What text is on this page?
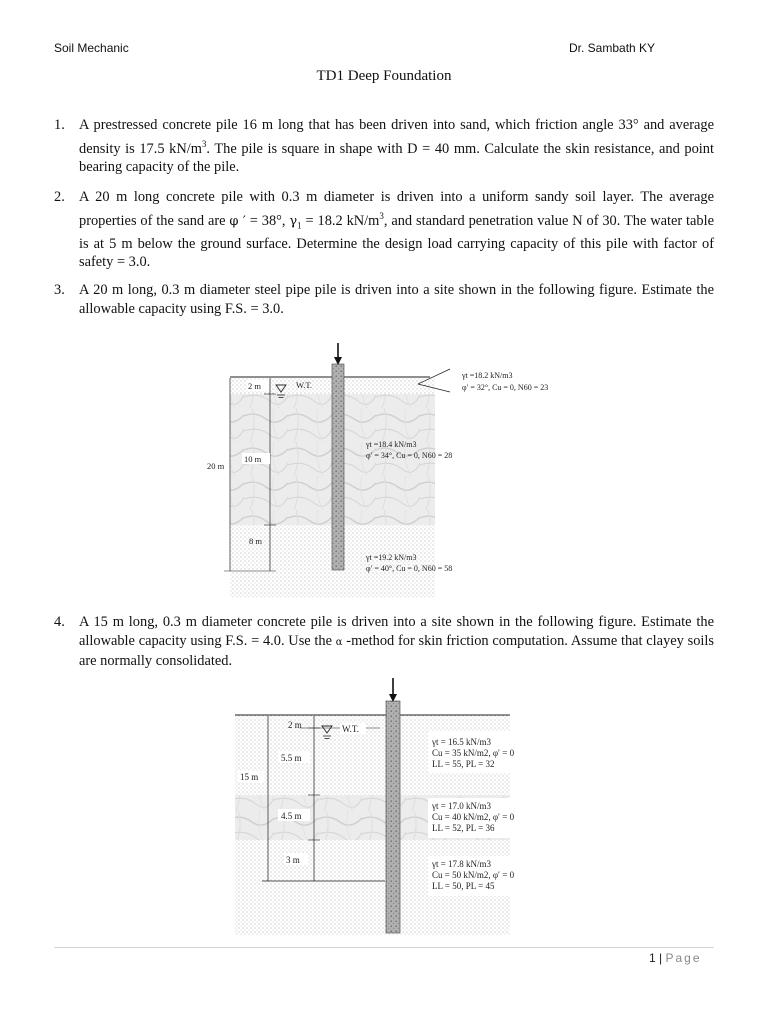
Soil Mechanic	Dr. Sambath KY
TD1 Deep Foundation
1. A prestressed concrete pile 16 m long that has been driven into sand, which friction angle 33° and average density is 17.5 $kN/m^3$. The pile is square in shape with D = 40 mm. Calculate the skin resistance, and point bearing capacity of the pile.
2. A 20 m long concrete pile with 0.3 m diameter is driven into a uniform sandy soil layer. The average properties of the sand are φ ′ = 38°, $\gamma_1 = 18.2$ $kN/m^3$, and standard penetration value N of 30. The water table is at 5 m below the ground surface. Determine the design load carrying capacity of this pile with factor of safety = 3.0.
3. A 20 m long, 0.3 m diameter steel pipe pile is driven into a site shown in the following figure. Estimate the allowable capacity using F.S. = 3.0.
W.T.
2 m
10 m
8 m
20 m
γt =18.2 kN/m3
φ′ = 32°, Cu = 0, N60 = 23
γt =18.4 kN/m3
φ′ = 34°, Cu = 0, N60 = 28
γt =19.2 kN/m3
φ′ = 40°, Cu = 0, N60 = 58
4. A 15 m long, 0.3 m diameter concrete pile is driven into a site shown in the following figure. Estimate the allowable capacity using F.S. = 4.0. Use the α -method for skin friction computation. Assume that clayey soils are normally consolidated.
W.T.
2 m
5.5 m
4.5 m
3 m
15 m
γt = 16.5 kN/m3
Cu = 35 kN/m2, φ′ = 0
LL = 55, PL = 32
γt = 17.0 kN/m3
Cu = 40 kN/m2, φ′ = 0
LL = 52, PL = 36
γt = 17.8 kN/m3
Cu = 50 kN/m2, φ′ = 0
LL = 50, PL = 45
1 | Page
